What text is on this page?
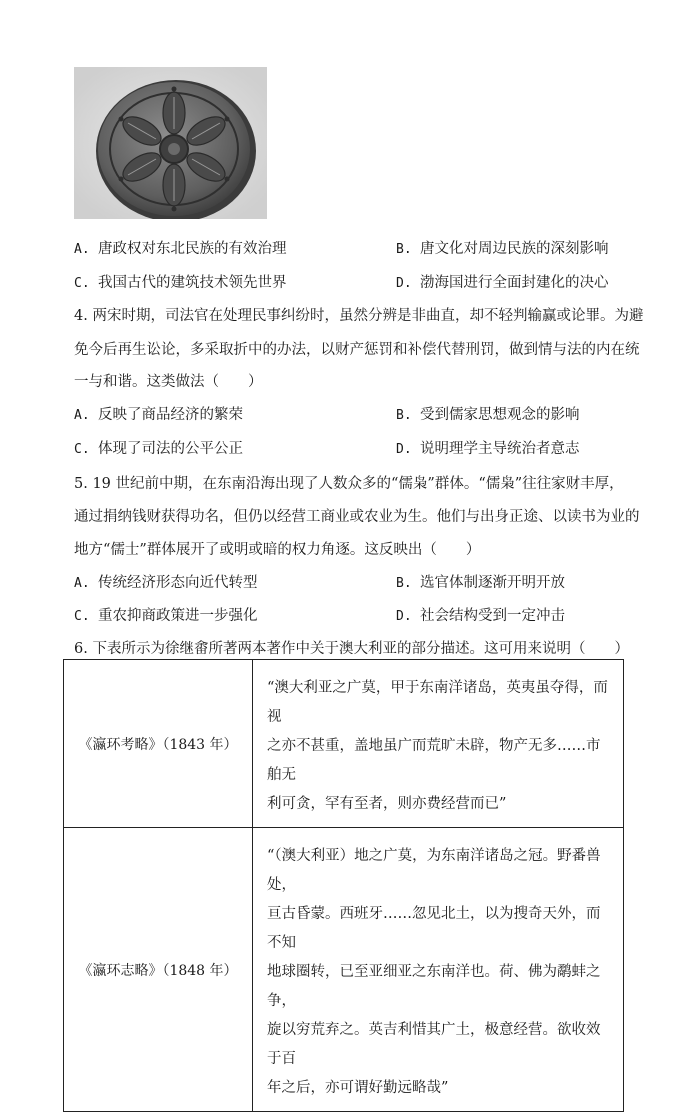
A. 唐政权对东北民族的有效治理	B. 唐文化对周边民族的深刻影响
C. 我国古代的建筑技术领先世界	D. 渤海国进行全面封建化的决心
4. 两宋时期，司法官在处理民事纠纷时，虽然分辨是非曲直，却不轻判输赢或论罪。为避
免今后再生讼论，多采取折中的办法，以财产惩罚和补偿代替刑罚，做到情与法的内在统
一与和谐。这类做法（　　）
A. 反映了商品经济的繁荣	B. 受到儒家思想观念的影响
C. 体现了司法的公平公正	D. 说明理学主导统治者意志
5. 19 世纪前中期，在东南沿海出现了人数众多的“儒枭”群体。“儒枭”往往家财丰厚，
通过捐纳钱财获得功名，但仍以经营工商业或农业为生。他们与出身正途、以读书为业的
地方“儒士”群体展开了或明或暗的权力角逐。这反映出（　　）
A. 传统经济形态向近代转型	B. 选官体制逐渐开明开放
C. 重农抑商政策进一步强化	D. 社会结构受到一定冲击
6. 下表所示为徐继畬所著两本著作中关于澳大利亚的部分描述。这可用来说明（　　）
《瀛环考略》（1843 年）	“澳大利亚之广莫，甲于东南洋诸岛，英夷虽夺得，而视
之亦不甚重，盖地虽广而荒旷未辟，物产无多……市舶无
利可贪，罕有至者，则亦费经营而已”

《瀛环志略》（1848 年）	“（澳大利亚）地之广莫，为东南洋诸岛之冠。野番兽处，
亘古昏蒙。西班牙……忽见北土，以为搜奇天外，而不知
地球圈转，已至亚细亚之东南洋也。荷、佛为鹬蚌之争，
旋以穷荒弃之。英吉利惜其广土，极意经营。欲收效于百
年之后，亦可谓好勤远略哉”
